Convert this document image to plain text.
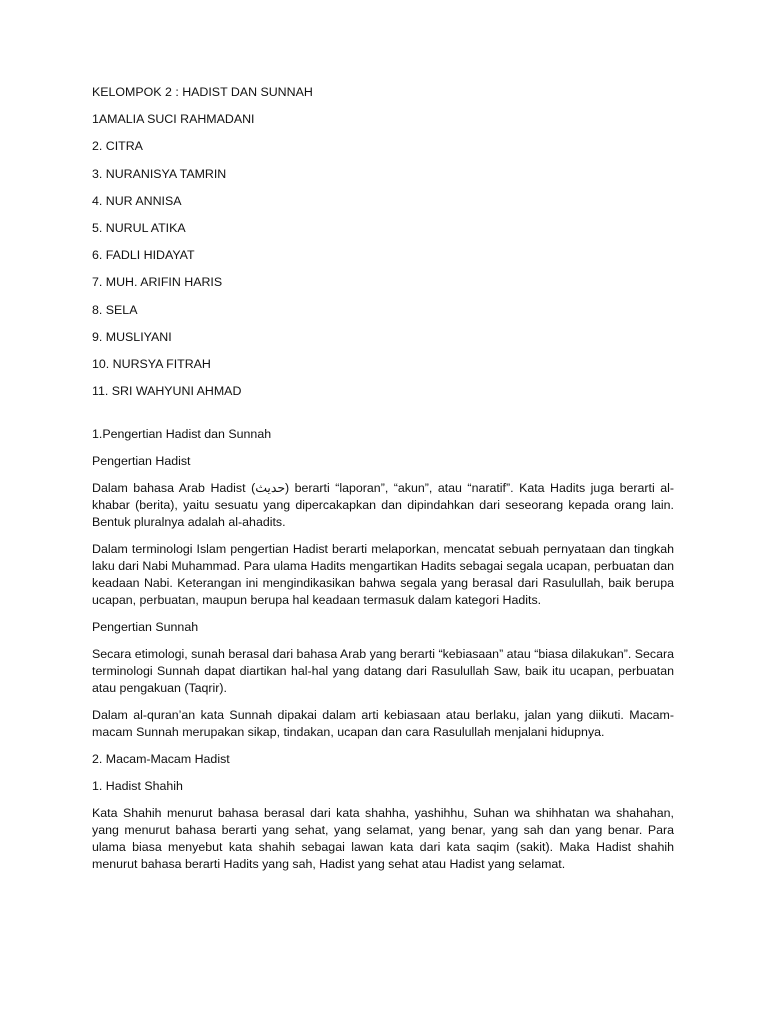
KELOMPOK 2 : HADIST DAN SUNNAH

1AMALIA SUCI RAHMADANI

2. CITRA

3. NURANISYA TAMRIN

4. NUR ANNISA

5. NURUL ATIKA

6. FADLI HIDAYAT

7. MUH. ARIFIN HARIS

8. SELA

9. MUSLIYANI

10. NURSYA FITRAH

11. SRI WAHYUNI AHMAD

1.Pengertian Hadist dan Sunnah

Pengertian Hadist

Dalam bahasa Arab Hadist (حديث) berarti “laporan”, “akun”, atau “naratif”. Kata Hadits juga berarti al-khabar (berita), yaitu sesuatu yang dipercakapkan dan dipindahkan dari seseorang kepada orang lain. Bentuk pluralnya adalah al-ahadits.

Dalam terminologi Islam pengertian Hadist berarti melaporkan, mencatat sebuah pernyataan dan tingkah laku dari Nabi Muhammad. Para ulama Hadits mengartikan Hadits sebagai segala ucapan, perbuatan dan keadaan Nabi. Keterangan ini mengindikasikan bahwa segala yang berasal dari Rasulullah, baik berupa ucapan, perbuatan, maupun berupa hal keadaan termasuk dalam kategori Hadits.

Pengertian Sunnah

Secara etimologi, sunah berasal dari bahasa Arab yang berarti “kebiasaan” atau “biasa dilakukan”. Secara terminologi Sunnah dapat diartikan hal-hal yang datang dari Rasulullah Saw, baik itu ucapan, perbuatan atau pengakuan (Taqrir).

Dalam al-quran’an kata Sunnah dipakai dalam arti kebiasaan atau berlaku, jalan yang diikuti. Macam-macam Sunnah merupakan sikap, tindakan, ucapan dan cara Rasulullah menjalani hidupnya.

2. Macam-Macam Hadist

1. Hadist Shahih

Kata Shahih menurut bahasa berasal dari kata shahha, yashihhu, Suhan wa shihhatan wa shahahan, yang menurut bahasa berarti yang sehat, yang selamat, yang benar, yang sah dan yang benar. Para ulama biasa menyebut kata shahih sebagai lawan kata dari kata saqim (sakit). Maka Hadist shahih menurut bahasa berarti Hadits yang sah, Hadist yang sehat atau Hadist yang selamat.
